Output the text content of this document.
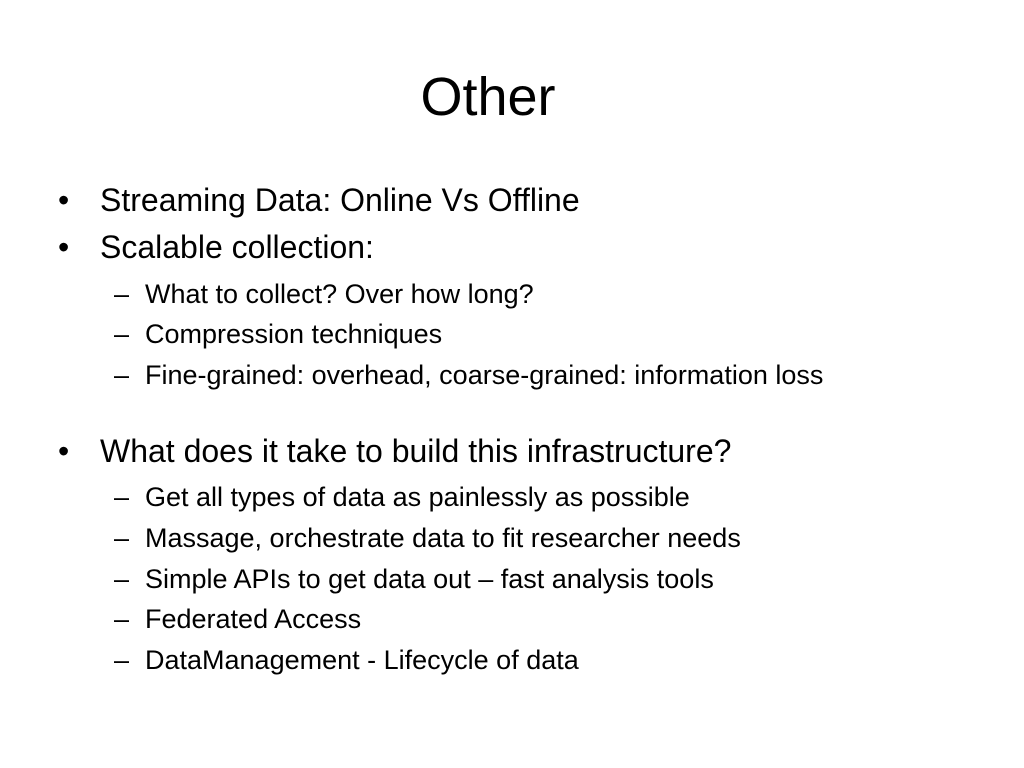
Other
• Streaming Data: Online Vs Offline
• Scalable collection:
– What to collect? Over how long?
– Compression techniques
– Fine-grained: overhead, coarse-grained: information loss
• What does it take to build this infrastructure?
– Get all types of data as painlessly as possible
– Massage, orchestrate data to fit researcher needs
– Simple APIs to get data out – fast analysis tools
– Federated Access
– DataManagement - Lifecycle of data
